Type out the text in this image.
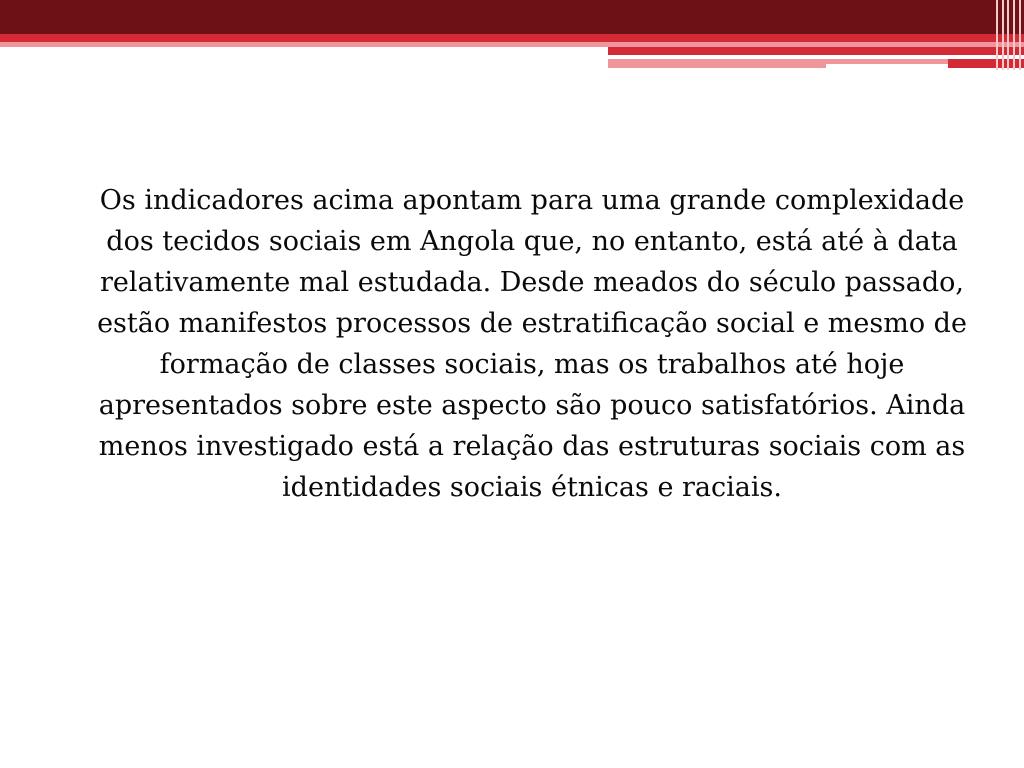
Os indicadores acima apontam para uma grande complexidade dos tecidos sociais em Angola que, no entanto, está até à data relativamente mal estudada. Desde meados do século passado, estão manifestos processos de estratificação social e mesmo de formação de classes sociais, mas os trabalhos até hoje apresentados sobre este aspecto são pouco satisfatórios. Ainda menos investigado está a relação das estruturas sociais com as identidades sociais étnicas e raciais.
